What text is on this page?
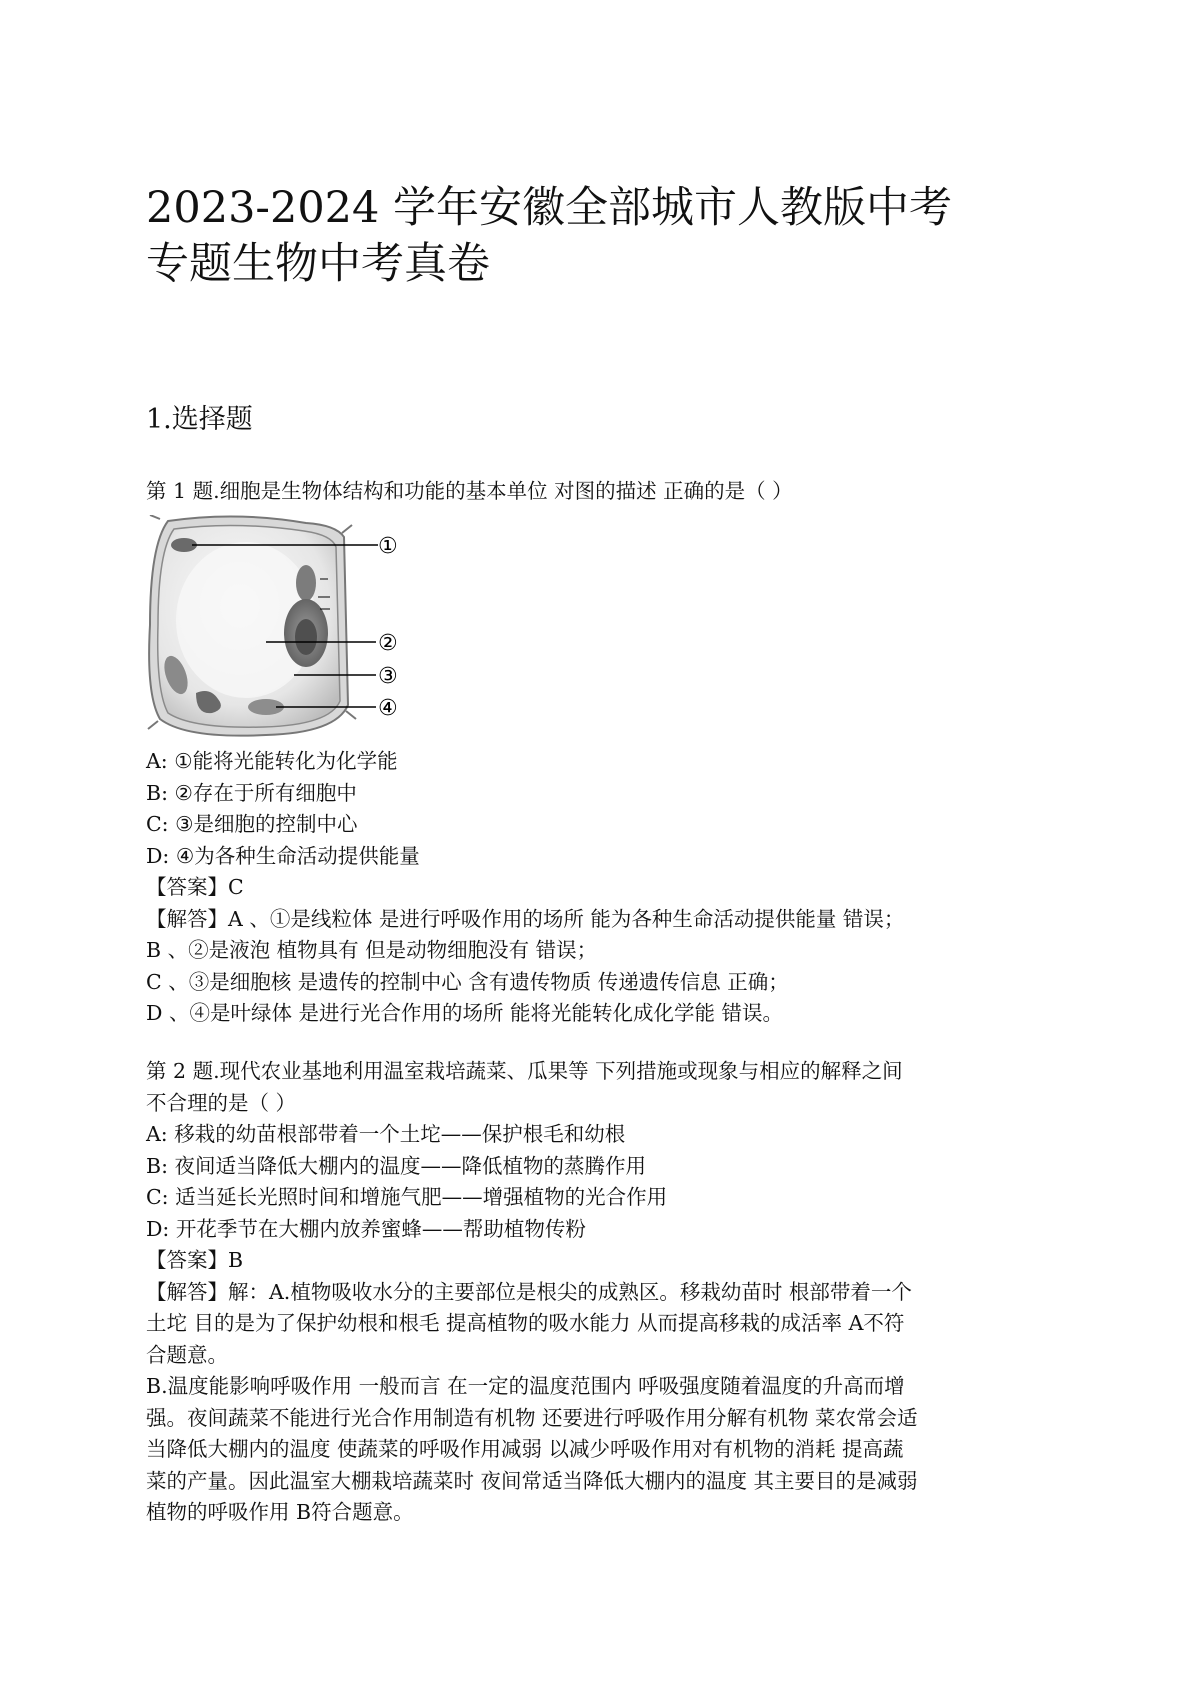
2023-2024 学年安徽全部城市人教版中考
专题生物中考真卷
1.选择题
第 1 题.细胞是生物体结构和功能的基本单位 对图的描述 正确的是（ ）
①
②
③
④
A: ①能将光能转化为化学能
B: ②存在于所有细胞中
C: ③是细胞的控制中心
D: ④为各种生命活动提供能量
【答案】C
【解答】A 、①是线粒体 是进行呼吸作用的场所 能为各种生命活动提供能量 错误；
B 、②是液泡 植物具有 但是动物细胞没有 错误；
C 、③是细胞核 是遗传的控制中心 含有遗传物质 传递遗传信息 正确；
D 、④是叶绿体 是进行光合作用的场所 能将光能转化成化学能 错误。
第 2 题.现代农业基地利用温室栽培蔬菜、瓜果等 下列措施或现象与相应的解释之间
不合理的是（ ）
A: 移栽的幼苗根部带着一个土坨——保护根毛和幼根
B: 夜间适当降低大棚内的温度——降低植物的蒸腾作用
C: 适当延长光照时间和增施气肥——增强植物的光合作用
D: 开花季节在大棚内放养蜜蜂——帮助植物传粉
【答案】B
【解答】解：A.植物吸收水分的主要部位是根尖的成熟区。移栽幼苗时 根部带着一个
土坨 目的是为了保护幼根和根毛 提高植物的吸水能力 从而提高移栽的成活率 A不符
合题意。
B.温度能影响呼吸作用 一般而言 在一定的温度范围内 呼吸强度随着温度的升高而增
强。夜间蔬菜不能进行光合作用制造有机物 还要进行呼吸作用分解有机物 菜农常会适
当降低大棚内的温度 使蔬菜的呼吸作用减弱 以减少呼吸作用对有机物的消耗 提高蔬
菜的产量。因此温室大棚栽培蔬菜时 夜间常适当降低大棚内的温度 其主要目的是减弱
植物的呼吸作用 B符合题意。
